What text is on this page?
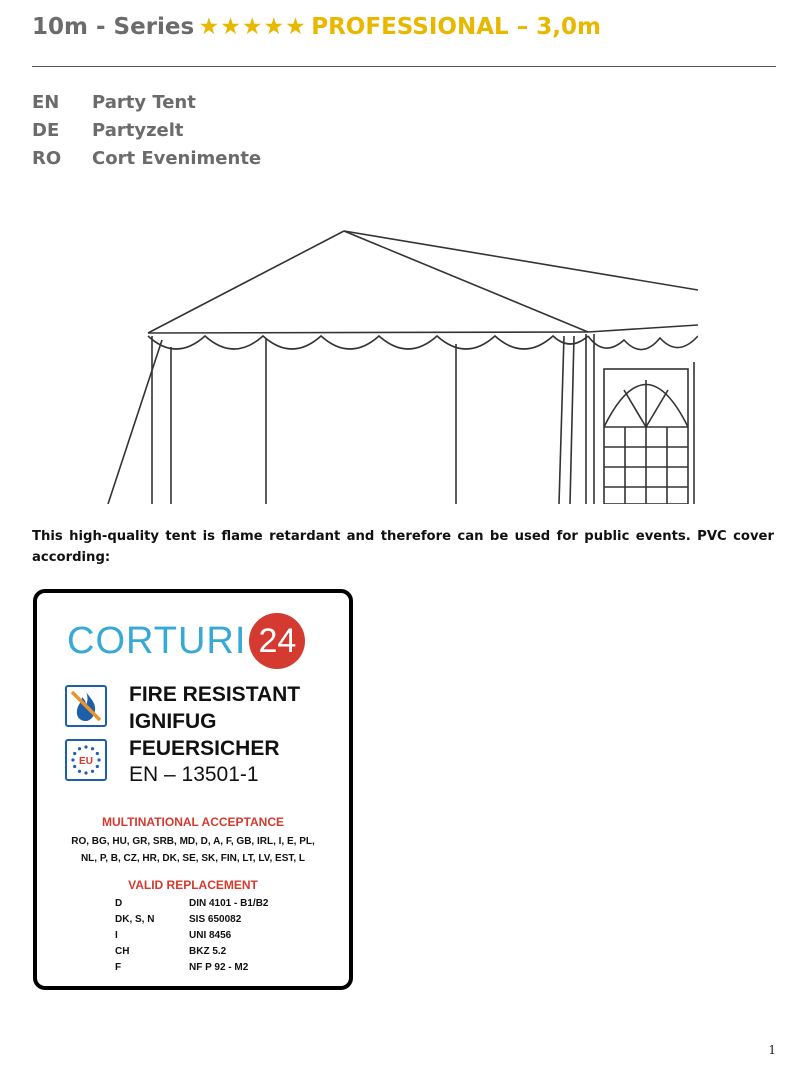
10m - Series ★★★★★ PROFESSIONAL – 3,0m
EN	Party Tent
DE	Partyzelt
RO	Cort Evenimente
This high-quality tent is flame retardant and therefore can be used for public events. PVC cover according:
CORTURI 24
EU
FIRE RESISTANT
IGNIFUG
FEUERSICHER
EN – 13501-1
MULTINATIONAL ACCEPTANCE
RO, BG, HU, GR, SRB, MD, D, A, F, GB, IRL, I, E, PL,
NL, P, B, CZ, HR, DK, SE, SK, FIN, LT, LV, EST, L
VALID REPLACEMENT
D	DIN 4101 - B1/B2
DK, S, N	SIS 650082
I	UNI 8456
CH	BKZ 5.2
F	NF P 92 - M2
1
